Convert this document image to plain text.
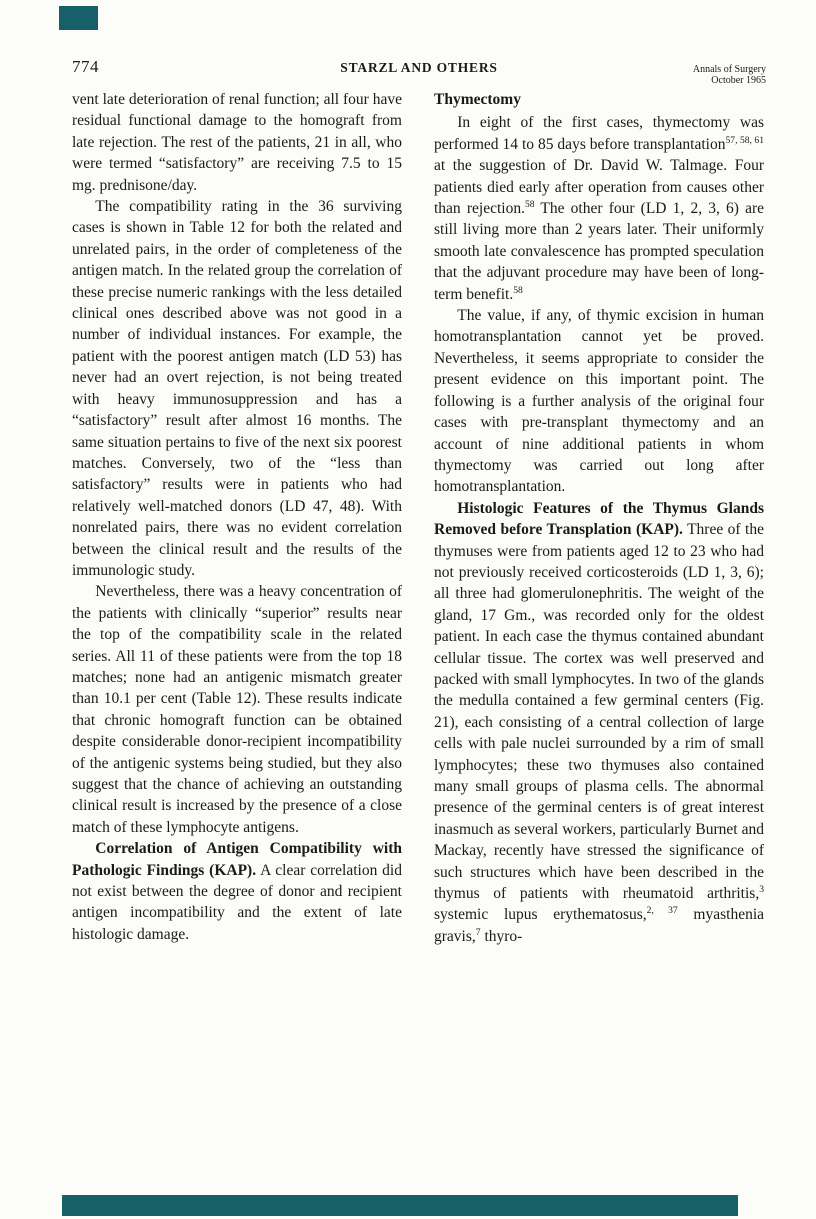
774	STARZL AND OTHERS	Annals of Surgery
October 1965

vent late deterioration of renal function; all four have residual functional damage to the homograft from late rejection. The rest of the patients, 21 in all, who were termed “satisfactory” are receiving 7.5 to 15 mg. prednisone/day.

The compatibility rating in the 36 surviving cases is shown in Table 12 for both the related and unrelated pairs, in the order of completeness of the antigen match. In the related group the correlation of these precise numeric rankings with the less detailed clinical ones described above was not good in a number of individual instances. For example, the patient with the poorest antigen match (LD 53) has never had an overt rejection, is not being treated with heavy immunosuppression and has a “satisfactory” result after almost 16 months. The same situation pertains to five of the next six poorest matches. Conversely, two of the “less than satisfactory” results were in patients who had relatively well-matched donors (LD 47, 48). With nonrelated pairs, there was no evident correlation between the clinical result and the results of the immunologic study.

Nevertheless, there was a heavy concentration of the patients with clinically “superior” results near the top of the compatibility scale in the related series. All 11 of these patients were from the top 18 matches; none had an antigenic mismatch greater than 10.1 per cent (Table 12). These results indicate that chronic homograft function can be obtained despite considerable donor-recipient incompatibility of the antigenic systems being studied, but they also suggest that the chance of achieving an outstanding clinical result is increased by the presence of a close match of these lymphocyte antigens.

Correlation of Antigen Compatibility with Pathologic Findings (KAP). A clear correlation did not exist between the degree of donor and recipient antigen incompatibility and the extent of late histologic damage.

Thymectomy

In eight of the first cases, thymectomy was performed 14 to 85 days before transplantation$^{57, 58, 61}$ at the suggestion of Dr. David W. Talmage. Four patients died early after operation from causes other than rejection.$^{58}$ The other four (LD 1, 2, 3, 6) are still living more than 2 years later. Their uniformly smooth late convalescence has prompted speculation that the adjuvant procedure may have been of long-term benefit.$^{58}$

The value, if any, of thymic excision in human homotransplantation cannot yet be proved. Nevertheless, it seems appropriate to consider the present evidence on this important point. The following is a further analysis of the original four cases with pre-transplant thymectomy and an account of nine additional patients in whom thymectomy was carried out long after homotransplantation.

Histologic Features of the Thymus Glands Removed before Transplation (KAP). Three of the thymuses were from patients aged 12 to 23 who had not previously received corticosteroids (LD 1, 3, 6); all three had glomerulonephritis. The weight of the gland, 17 Gm., was recorded only for the oldest patient. In each case the thymus contained abundant cellular tissue. The cortex was well preserved and packed with small lymphocytes. In two of the glands the medulla contained a few germinal centers (Fig. 21), each consisting of a central collection of large cells with pale nuclei surrounded by a rim of small lymphocytes; these two thymuses also contained many small groups of plasma cells. The abnormal presence of the germinal centers is of great interest inasmuch as several workers, particularly Burnet and Mackay, recently have stressed the significance of such structures which have been described in the thymus of patients with rheumatoid arthritis,$^3$ systemic lupus erythematosus,$^{2, 37}$ myasthenia gravis,$^7$ thyro-
